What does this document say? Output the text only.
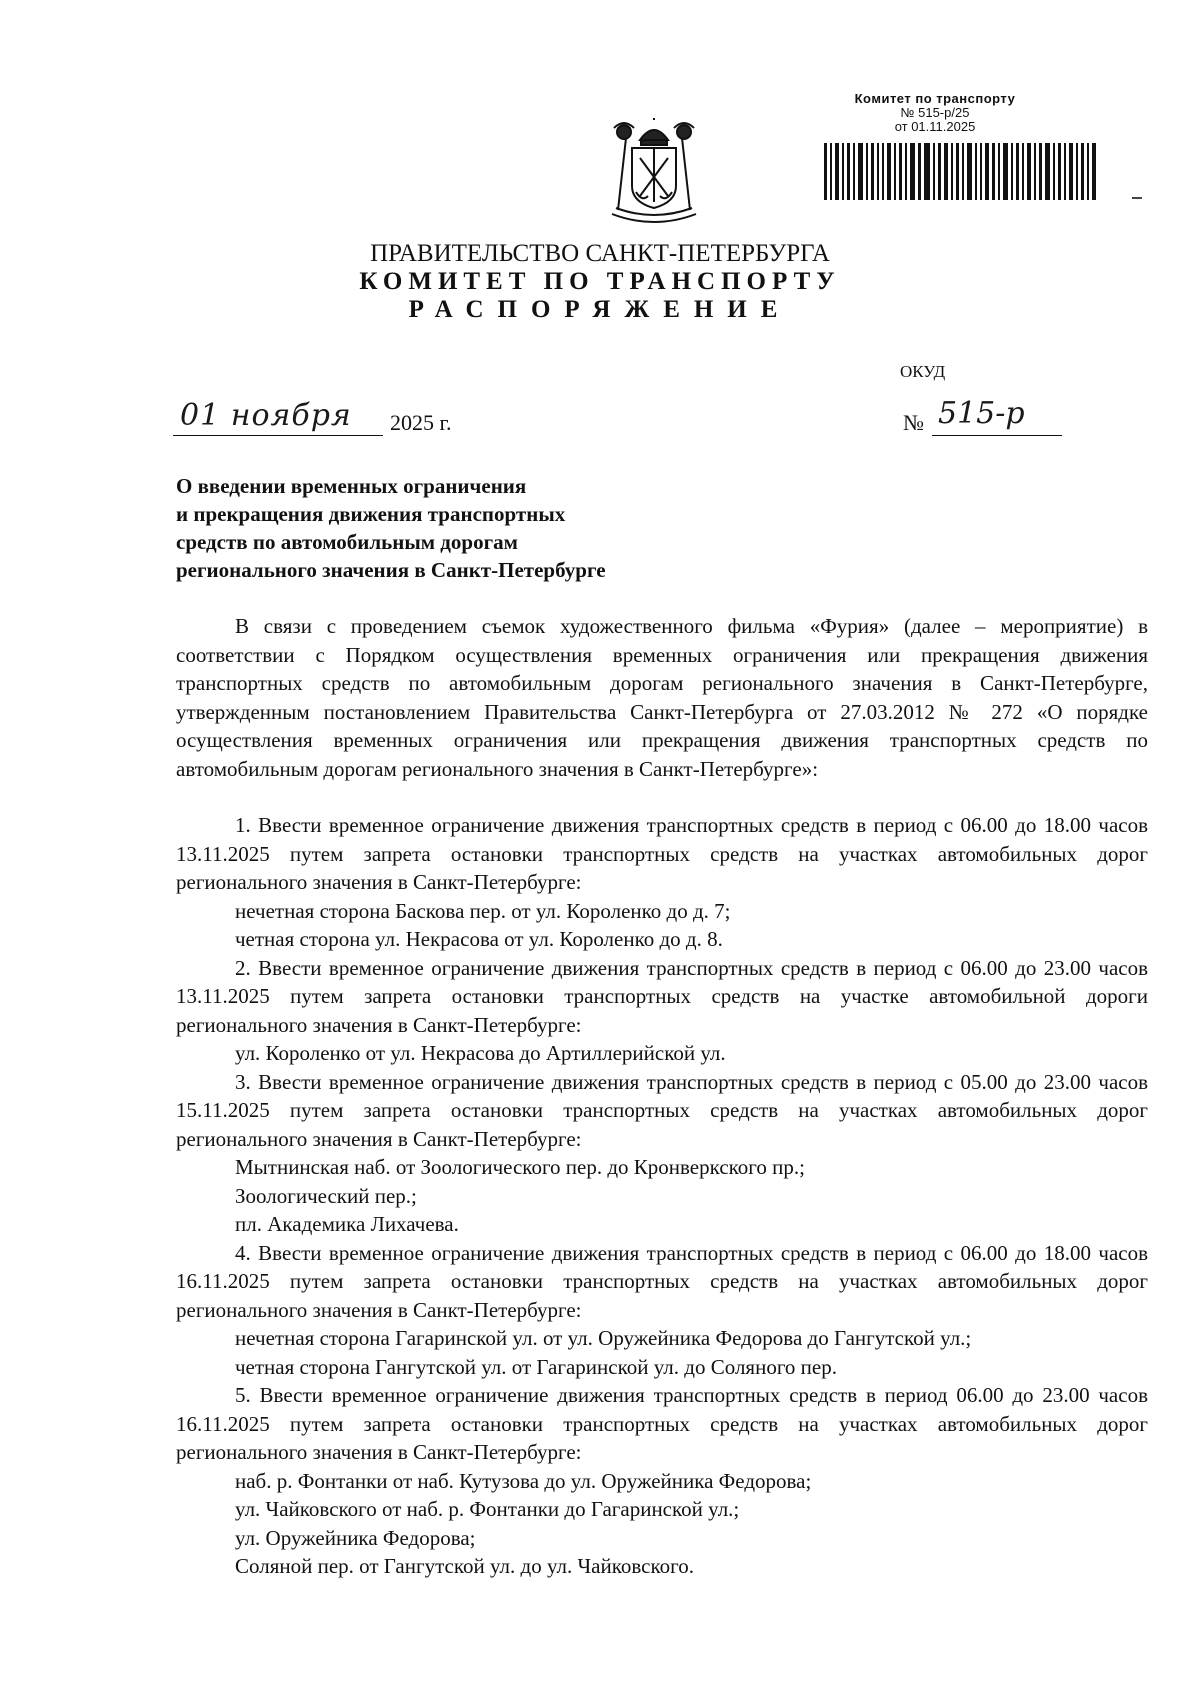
Комитет по транспорту
№ 515-р/25
от 01.11.2025
ПРАВИТЕЛЬСТВО САНКТ-ПЕТЕРБУРГА
КОМИТЕТ ПО ТРАНСПОРТУ
РАСПОРЯЖЕНИЕ
ОКУД
01 ноября 2025 г.	№ 515-р
О введении временных ограничения
и прекращения движения транспортных
средств по автомобильным дорогам
регионального значения в Санкт-Петербурге

В связи с проведением съемок художественного фильма «Фурия» (далее – мероприятие) в соответствии с Порядком осуществления временных ограничения или прекращения движения транспортных средств по автомобильным дорогам регионального значения в Санкт-Петербурге, утвержденным постановлением Правительства Санкт-Петербурга от 27.03.2012 № 272 «О порядке осуществления временных ограничения или прекращения движения транспортных средств по автомобильным дорогам регионального значения в Санкт-Петербурге»:

1. Ввести временное ограничение движения транспортных средств в период с 06.00 до 18.00 часов 13.11.2025 путем запрета остановки транспортных средств на участках автомобильных дорог регионального значения в Санкт-Петербурге:

нечетная сторона Баскова пер. от ул. Короленко до д. 7;

четная сторона ул. Некрасова от ул. Короленко до д. 8.

2. Ввести временное ограничение движения транспортных средств в период с 06.00 до 23.00 часов 13.11.2025 путем запрета остановки транспортных средств на участке автомобильной дороги регионального значения в Санкт-Петербурге:

ул. Короленко от ул. Некрасова до Артиллерийской ул.

3. Ввести временное ограничение движения транспортных средств в период с 05.00 до 23.00 часов 15.11.2025 путем запрета остановки транспортных средств на участках автомобильных дорог регионального значения в Санкт-Петербурге:

Мытнинская наб. от Зоологического пер. до Кронверкского пр.;

Зоологический пер.;

пл. Академика Лихачева.

4. Ввести временное ограничение движения транспортных средств в период с 06.00 до 18.00 часов 16.11.2025 путем запрета остановки транспортных средств на участках автомобильных дорог регионального значения в Санкт-Петербурге:

нечетная сторона Гагаринской ул. от ул. Оружейника Федорова до Гангутской ул.;

четная сторона Гангутской ул. от Гагаринской ул. до Соляного пер.

5. Ввести временное ограничение движения транспортных средств в период 06.00 до 23.00 часов 16.11.2025 путем запрета остановки транспортных средств на участках автомобильных дорог регионального значения в Санкт-Петербурге:

наб. р. Фонтанки от наб. Кутузова до ул. Оружейника Федорова;

ул. Чайковского от наб. р. Фонтанки до Гагаринской ул.;

ул. Оружейника Федорова;

Соляной пер. от Гангутской ул. до ул. Чайковского.
